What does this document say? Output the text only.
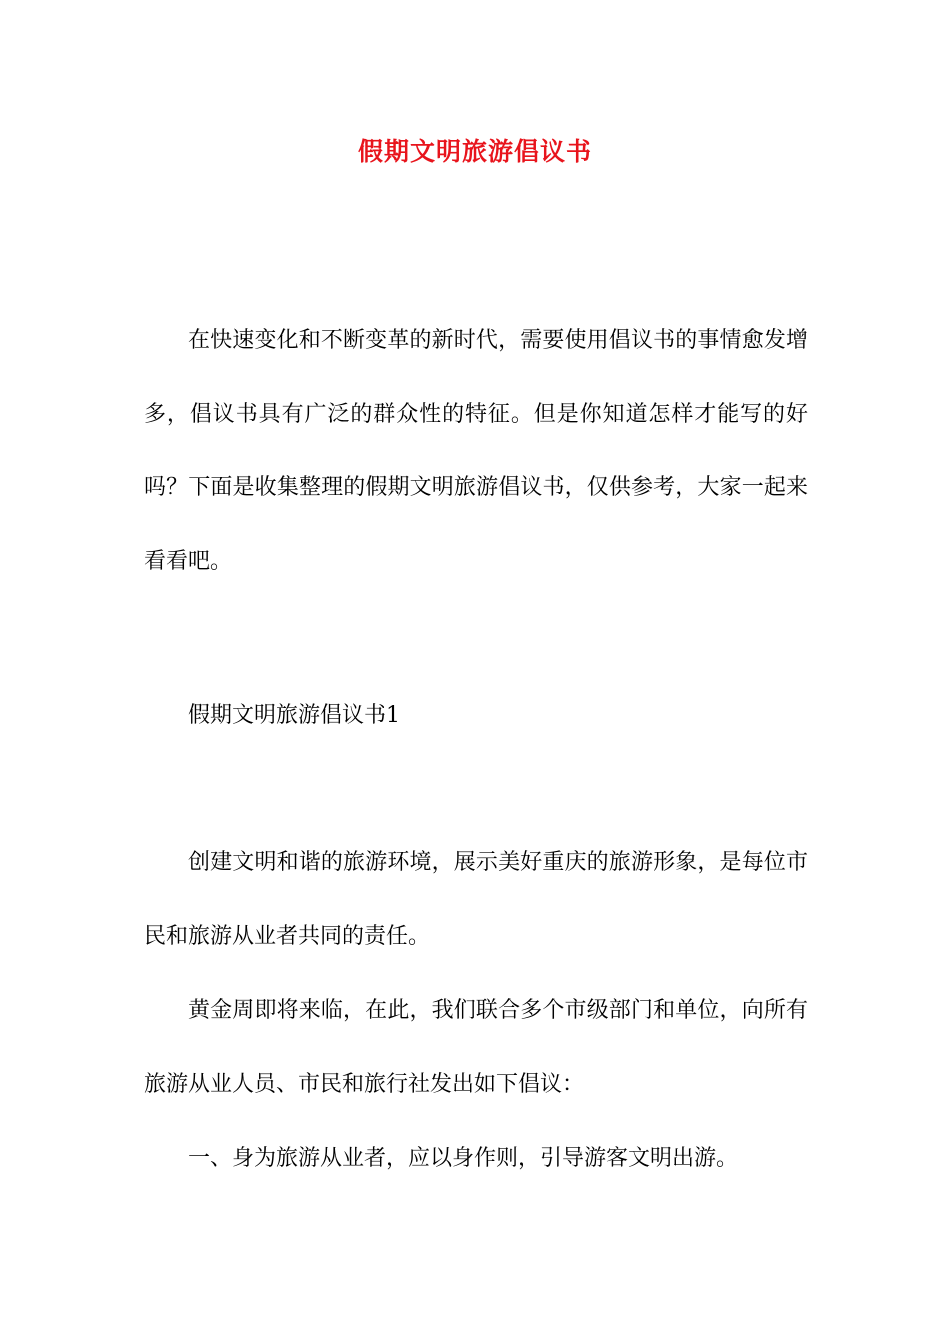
假期文明旅游倡议书

在快速变化和不断变革的新时代，需要使用倡议书的事情愈发增多，倡议书具有广泛的群众性的特征。但是你知道怎样才能写的好吗？下面是收集整理的假期文明旅游倡议书，仅供参考，大家一起来看看吧。

假期文明旅游倡议书1

创建文明和谐的旅游环境，展示美好重庆的旅游形象，是每位市民和旅游从业者共同的责任。

黄金周即将来临，在此，我们联合多个市级部门和单位，向所有旅游从业人员、市民和旅行社发出如下倡议：

一、身为旅游从业者，应以身作则，引导游客文明出游。
